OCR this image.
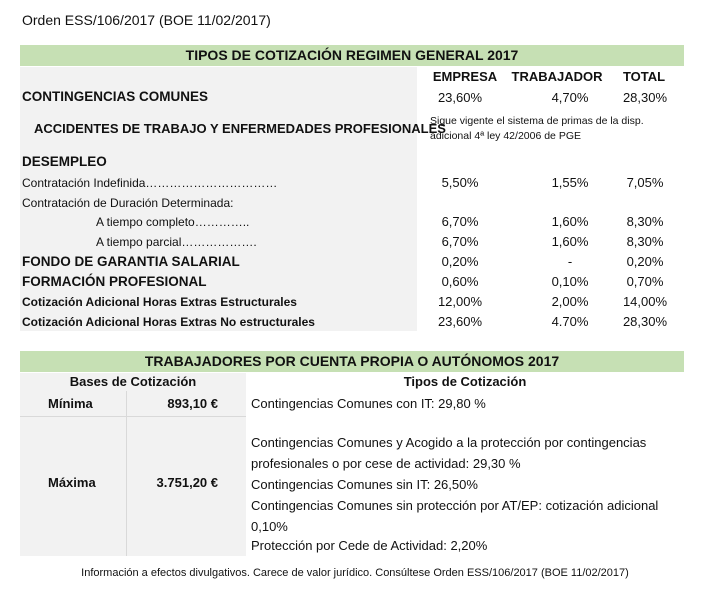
Orden ESS/106/2017 (BOE 11/02/2017)
TIPOS DE COTIZACIÓN REGIMEN GENERAL 2017
EMPRESA	TRABAJADOR	TOTAL
CONTINGENCIAS COMUNES	23,60%	4,70%	28,30%
ACCIDENTES DE TRABAJO Y ENFERMEDADES PROFESIONALES
Sigue vigente el sistema de primas de la disp. adicional 4ª ley 42/2006 de PGE
DESEMPLEO
Contratación Indefinida……………………………	5,50%	1,55%	7,05%
Contratación de Duración Determinada:
A tiempo completo…………..	6,70%	1,60%	8,30%
A tiempo parcial……………….	6,70%	1,60%	8,30%
FONDO DE GARANTIA SALARIAL	0,20%	-	0,20%
FORMACIÓN PROFESIONAL	0,60%	0,10%	0,70%
Cotización Adicional Horas Extras Estructurales	12,00%	2,00%	14,00%
Cotización Adicional Horas Extras No estructurales	23,60%	4.70%	28,30%
TRABAJADORES POR CUENTA PROPIA O AUTÓNOMOS 2017
Bases de Cotización	Tipos de Cotización
Mínima	893,10 €	Contingencias Comunes con IT: 29,80 %
Máxima	3.751,20 €
Contingencias Comunes y Acogido a la protección por contingencias profesionales o por cese de actividad: 29,30 %
Contingencias Comunes sin IT: 26,50%
Contingencias Comunes sin protección por AT/EP: cotización adicional 0,10%
Protección por Cede de Actividad: 2,20%
Información a efectos divulgativos. Carece de valor jurídico. Consúltese Orden ESS/106/2017 (BOE 11/02/2017)
